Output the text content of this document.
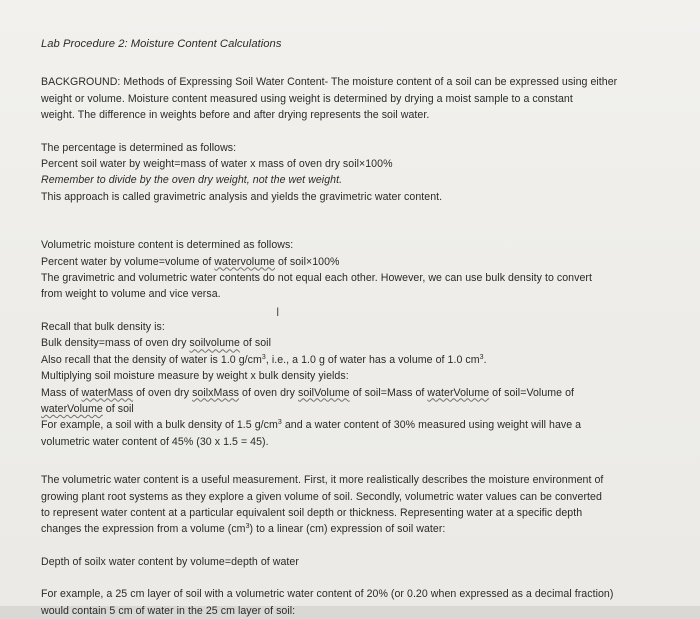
Lab Procedure 2: Moisture Content Calculations

BACKGROUND: Methods of Expressing Soil Water Content- The moisture content of a soil can be expressed using either
weight or volume. Moisture content measured using weight is determined by drying a moist sample to a constant
weight. The difference in weights before and after drying represents the soil water.

The percentage is determined as follows:
Percent soil water by weight=mass of water x mass of oven dry soil×100%
Remember to divide by the oven dry weight, not the wet weight.
This approach is called gravimetric analysis and yields the gravimetric water content.

Volumetric moisture content is determined as follows:
Percent water by volume=volume of watervolume of soil×100%
The gravimetric and volumetric water contents do not equal each other. However, we can use bulk density to convert
from weight to volume and vice versa.

Recall that bulk density is:
Bulk density=mass of oven dry soilvolume of soil
Also recall that the density of water is 1.0 $g/cm^3$, i.e., a 1.0 g of water has a volume of 1.0 $cm^3$.
Multiplying soil moisture measure by weight x bulk density yields:
Mass of waterMass of oven dry soilxMass of oven dry soilVolume of soil=Mass of waterVolume of soil=Volume of
waterVolume of soil
For example, a soil with a bulk density of 1.5 $g/cm^3$ and a water content of 30% measured using weight will have a
volumetric water content of 45% (30 x 1.5 = 45).

The volumetric water content is a useful measurement. First, it more realistically describes the moisture environment of
growing plant root systems as they explore a given volume of soil. Secondly, volumetric water values can be converted
to represent water content at a particular equivalent soil depth or thickness. Representing water at a specific depth
changes the expression from a volume $(cm^3)$ to a linear (cm) expression of soil water:

Depth of soilx water content by volume=depth of water

For example, a 25 cm layer of soil with a volumetric water content of 20% (or 0.20 when expressed as a decimal fraction)
would contain 5 cm of water in the 25 cm layer of soil:

I
